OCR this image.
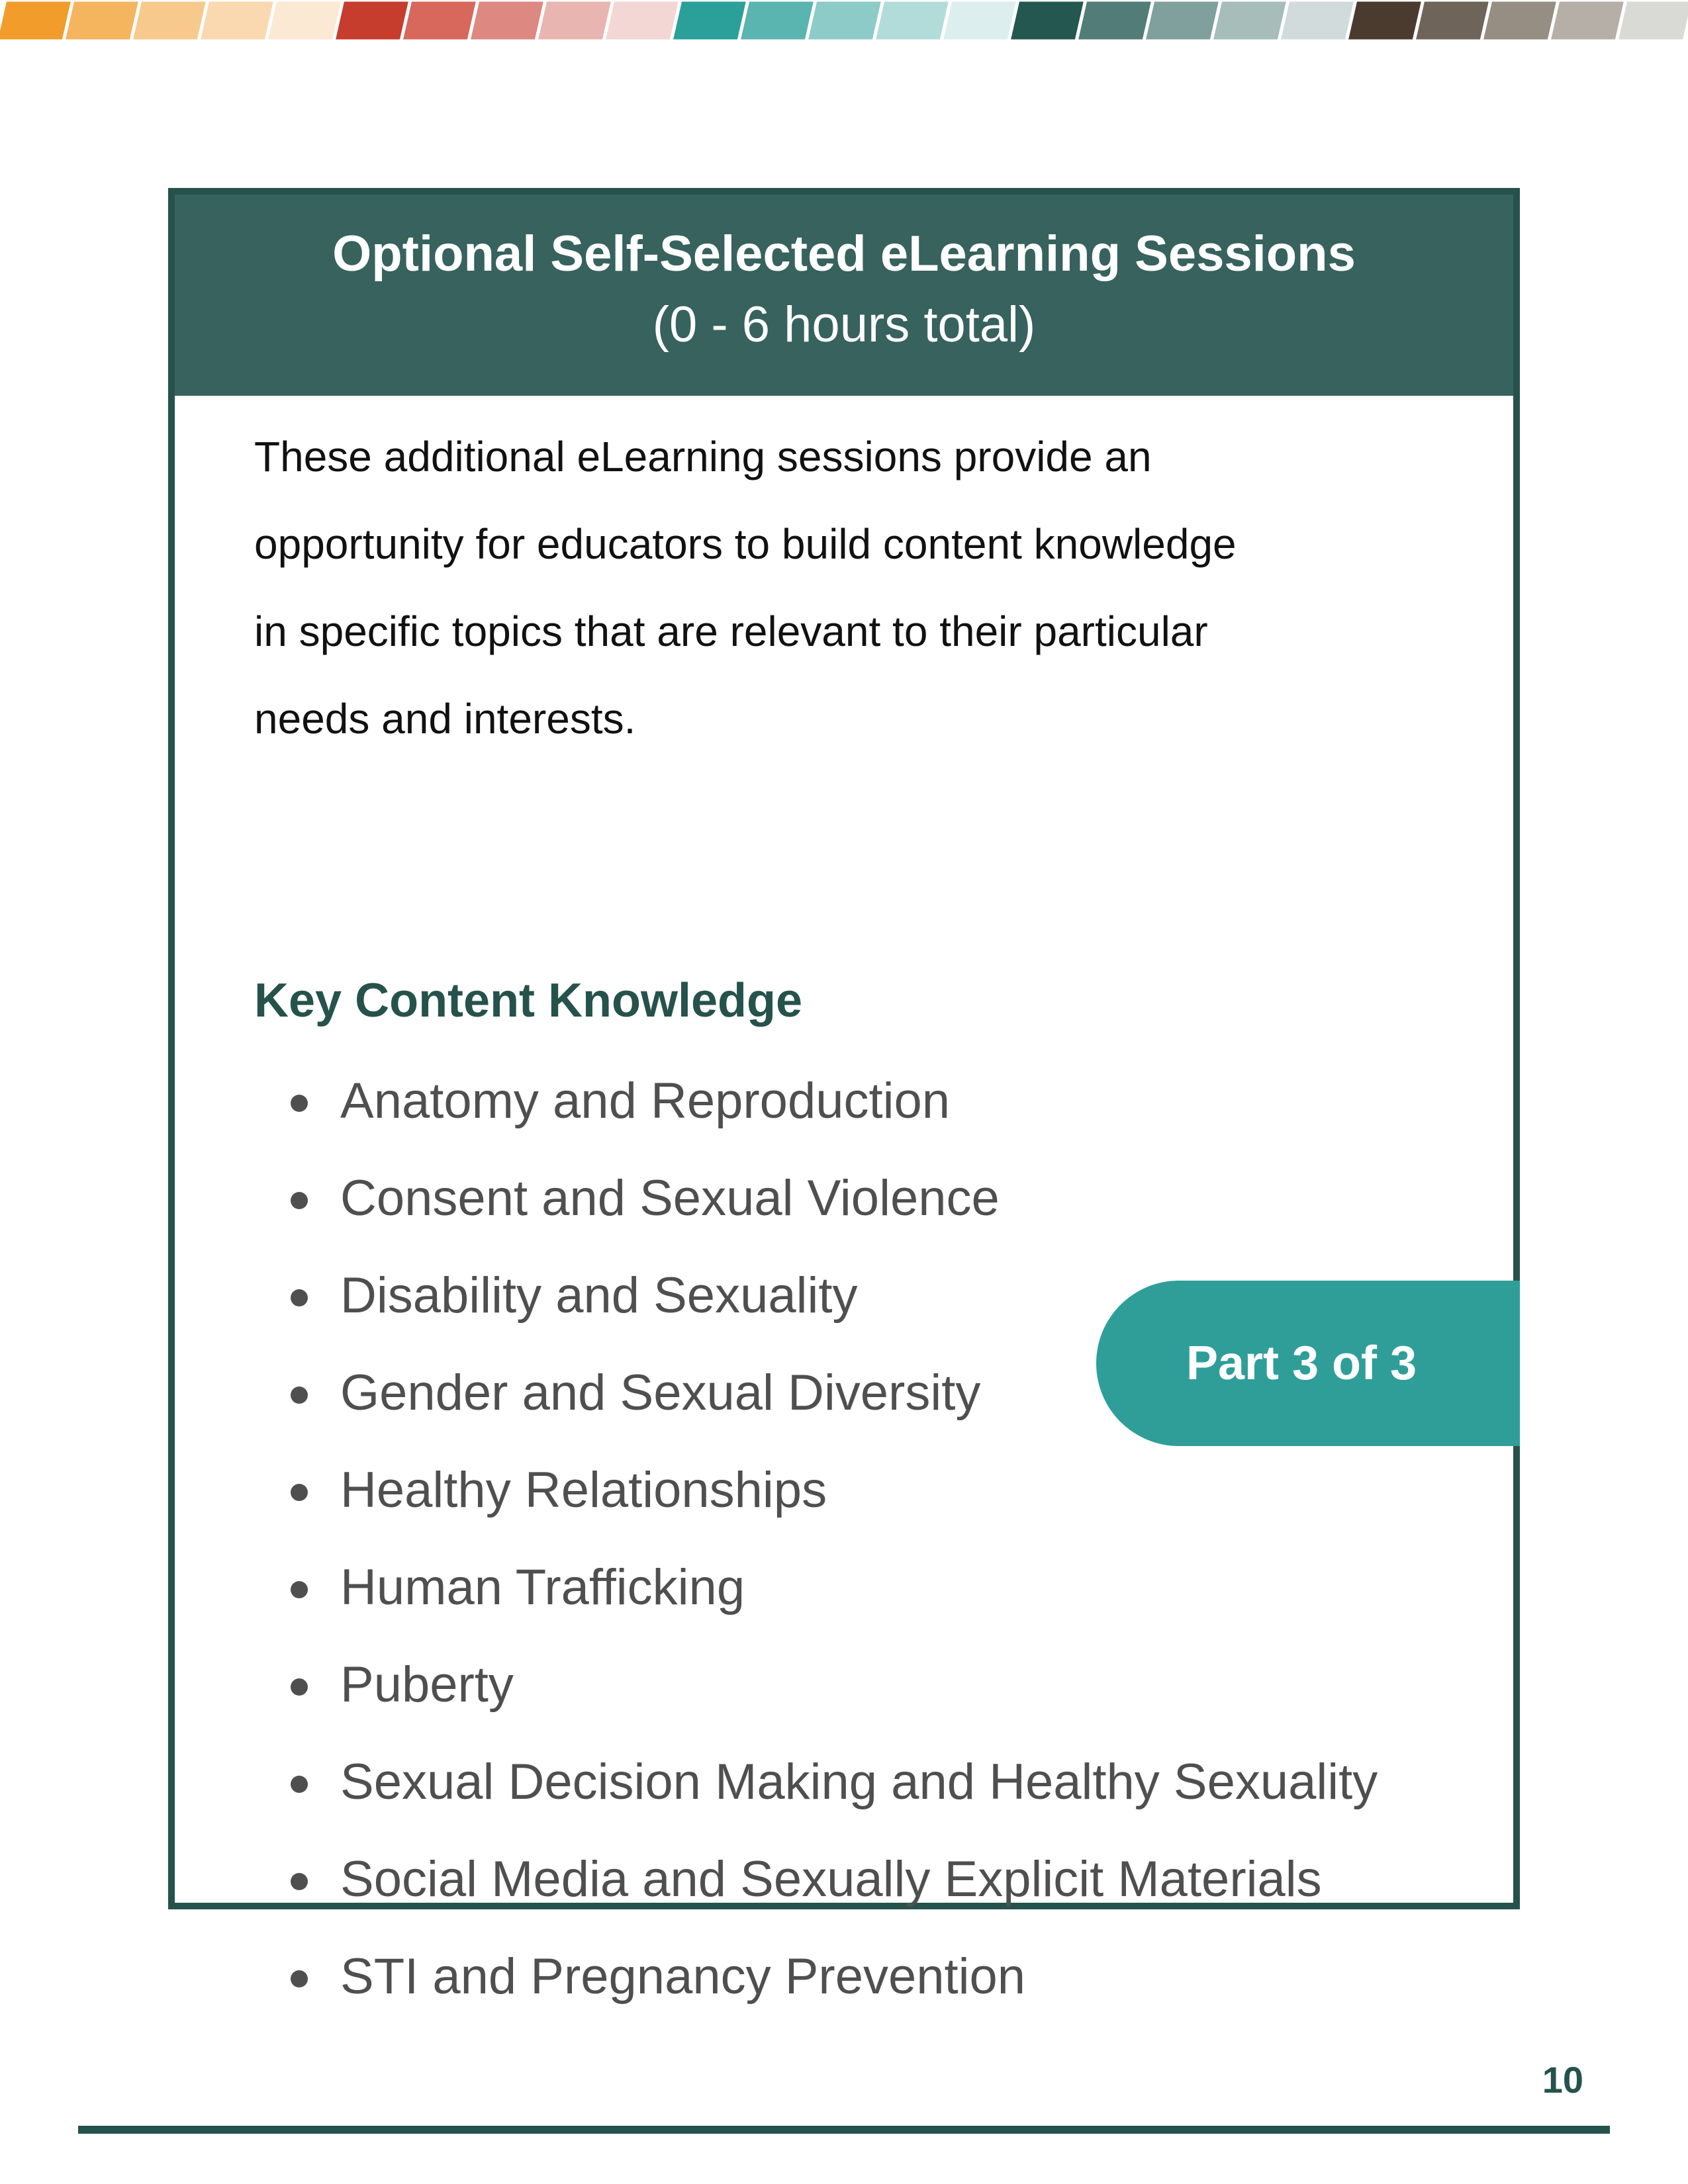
Optional Self-Selected eLearning Sessions
(0 - 6 hours total)
These additional eLearning sessions provide an
opportunity for educators to build content knowledge
in specific topics that are relevant to their particular
needs and interests.
Key Content Knowledge
Anatomy and Reproduction
Consent and Sexual Violence
Disability and Sexuality
Gender and Sexual Diversity
Healthy Relationships
Human Trafficking
Puberty
Sexual Decision Making and Healthy Sexuality
Social Media and Sexually Explicit Materials
STI and Pregnancy Prevention
Part 3 of 3
10
